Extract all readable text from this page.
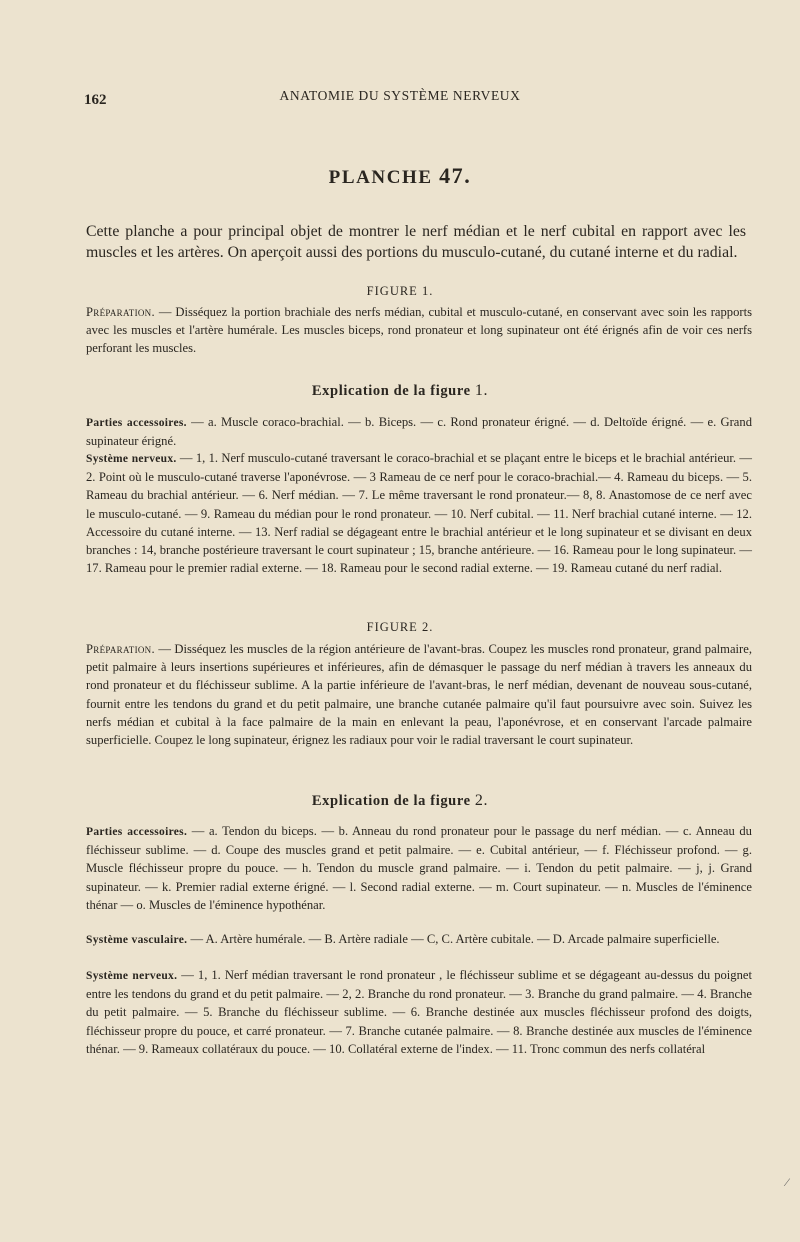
162	ANATOMIE DU SYSTÈME NERVEUX
PLANCHE 47.
Cette planche a pour principal objet de montrer le nerf médian et le nerf cubital en rapport avec les muscles et les artères. On aperçoit aussi des portions du musculo-cutané, du cutané interne et du radial.
FIGURE 1.
Préparation. — Disséquez la portion brachiale des nerfs médian, cubital et musculo-cutané, en conservant avec soin les rapports avec les muscles et l'artère humérale. Les muscles biceps, rond pronateur et long supinateur ont été érignés afin de voir ces nerfs perforant les muscles.
Explication de la figure 1.
Parties accessoires. — a. Muscle coraco-brachial. — b. Biceps. — c. Rond pronateur érigné. — d. Deltoïde érigné. — e. Grand supinateur érigné.
Système nerveux. — 1, 1. Nerf musculo-cutané traversant le coraco-brachial et se plaçant entre le biceps et le brachial antérieur. — 2. Point où le musculo-cutané traverse l'aponévrose. — 3 Rameau de ce nerf pour le coraco-brachial.— 4. Rameau du biceps. — 5. Rameau du brachial antérieur. — 6. Nerf médian. — 7. Le même traversant le rond pronateur.— 8, 8. Anastomose de ce nerf avec le musculo-cutané. — 9. Rameau du médian pour le rond pronateur. — 10. Nerf cubital. — 11. Nerf brachial cutané interne. — 12. Accessoire du cutané interne. — 13. Nerf radial se dégageant entre le brachial antérieur et le long supinateur et se divisant en deux branches : 14, branche postérieure traversant le court supinateur ; 15, branche antérieure. — 16. Rameau pour le long supinateur. — 17. Rameau pour le premier radial externe. — 18. Rameau pour le second radial externe. — 19. Rameau cutané du nerf radial.
FIGURE 2.
Préparation. — Disséquez les muscles de la région antérieure de l'avant-bras. Coupez les muscles rond pronateur, grand palmaire, petit palmaire à leurs insertions supérieures et inférieures, afin de démasquer le passage du nerf médian à travers les anneaux du rond pronateur et du fléchisseur sublime. A la partie inférieure de l'avant-bras, le nerf médian, devenant de nouveau sous-cutané, fournit entre les tendons du grand et du petit palmaire, une branche cutanée palmaire qu'il faut poursuivre avec soin. Suivez les nerfs médian et cubital à la face palmaire de la main en enlevant la peau, l'aponévrose, et en conservant l'arcade palmaire superficielle. Coupez le long supinateur, érignez les radiaux pour voir le radial traversant le court supinateur.
Explication de la figure 2.
Parties accessoires. — a. Tendon du biceps. — b. Anneau du rond pronateur pour le passage du nerf médian. — c. Anneau du fléchisseur sublime. — d. Coupe des muscles grand et petit palmaire. — e. Cubital antérieur, — f. Fléchisseur profond. — g. Muscle fléchisseur propre du pouce. — h. Tendon du muscle grand palmaire. — i. Tendon du petit palmaire. — j, j. Grand supinateur. — k. Premier radial externe érigné. — l. Second radial externe. — m. Court supinateur. — n. Muscles de l'éminence thénar — o. Muscles de l'éminence hypothénar.
Système vasculaire. — A. Artère humérale. — B. Artère radiale — C, C. Artère cubitale. — D. Arcade palmaire superficielle.
Système nerveux. — 1, 1. Nerf médian traversant le rond pronateur , le fléchisseur sublime et se dégageant au-dessus du poignet entre les tendons du grand et du petit palmaire. — 2, 2. Branche du rond pronateur. — 3. Branche du grand palmaire. — 4. Branche du petit palmaire. — 5. Branche du fléchisseur sublime. — 6. Branche destinée aux muscles fléchisseur profond des doigts, fléchisseur propre du pouce, et carré pronateur. — 7. Branche cutanée palmaire. — 8. Branche destinée aux muscles de l'éminence thénar. — 9. Rameaux collatéraux du pouce. — 10. Collatéral externe de l'index. — 11. Tronc commun des nerfs collatéral
⁄
